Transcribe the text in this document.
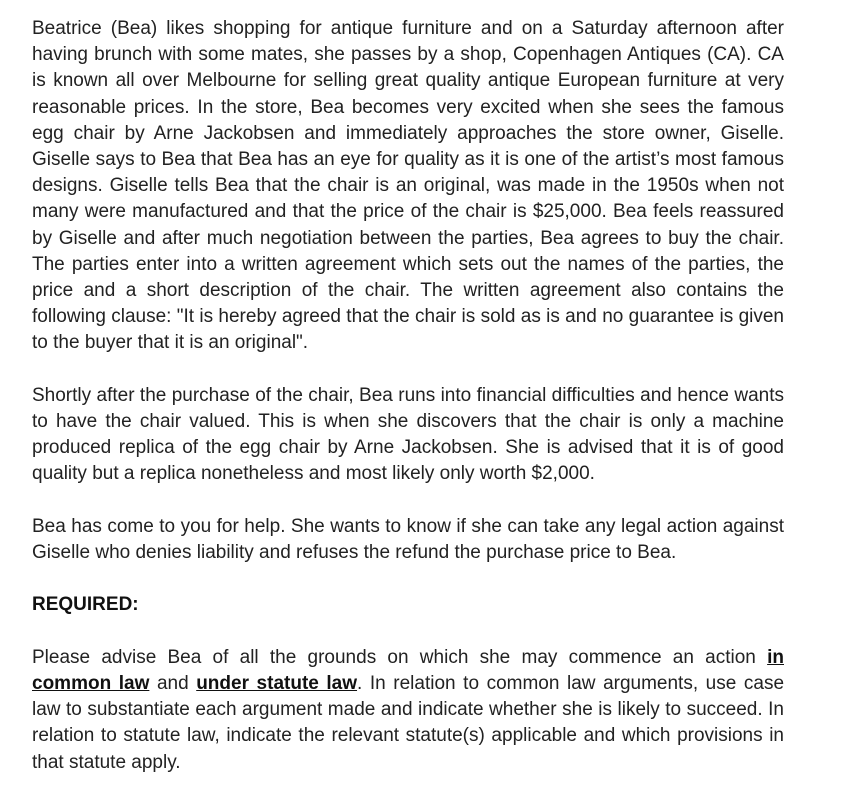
Beatrice (Bea) likes shopping for antique furniture and on a Saturday afternoon after having brunch with some mates, she passes by a shop, Copenhagen Antiques (CA). CA is known all over Melbourne for selling great quality antique European furniture at very reasonable prices. In the store, Bea becomes very excited when she sees the famous egg chair by Arne Jackobsen and immediately approaches the store owner, Giselle. Giselle says to Bea that Bea has an eye for quality as it is one of the artist’s most famous designs. Giselle tells Bea that the chair is an original, was made in the 1950s when not many were manufactured and that the price of the chair is $25,000. Bea feels reassured by Giselle and after much negotiation between the parties, Bea agrees to buy the chair. The parties enter into a written agreement which sets out the names of the parties, the price and a short description of the chair. The written agreement also contains the following clause: "It is hereby agreed that the chair is sold as is and no guarantee is given to the buyer that it is an original".

Shortly after the purchase of the chair, Bea runs into financial difficulties and hence wants to have the chair valued. This is when she discovers that the chair is only a machine produced replica of the egg chair by Arne Jackobsen. She is advised that it is of good quality but a replica nonetheless and most likely only worth $2,000.

Bea has come to you for help. She wants to know if she can take any legal action against Giselle who denies liability and refuses the refund the purchase price to Bea.

REQUIRED:

Please advise Bea of all the grounds on which she may commence an action in common law and under statute law. In relation to common law arguments, use case law to substantiate each argument made and indicate whether she is likely to succeed. In relation to statute law, indicate the relevant statute(s) applicable and which provisions in that statute apply.
